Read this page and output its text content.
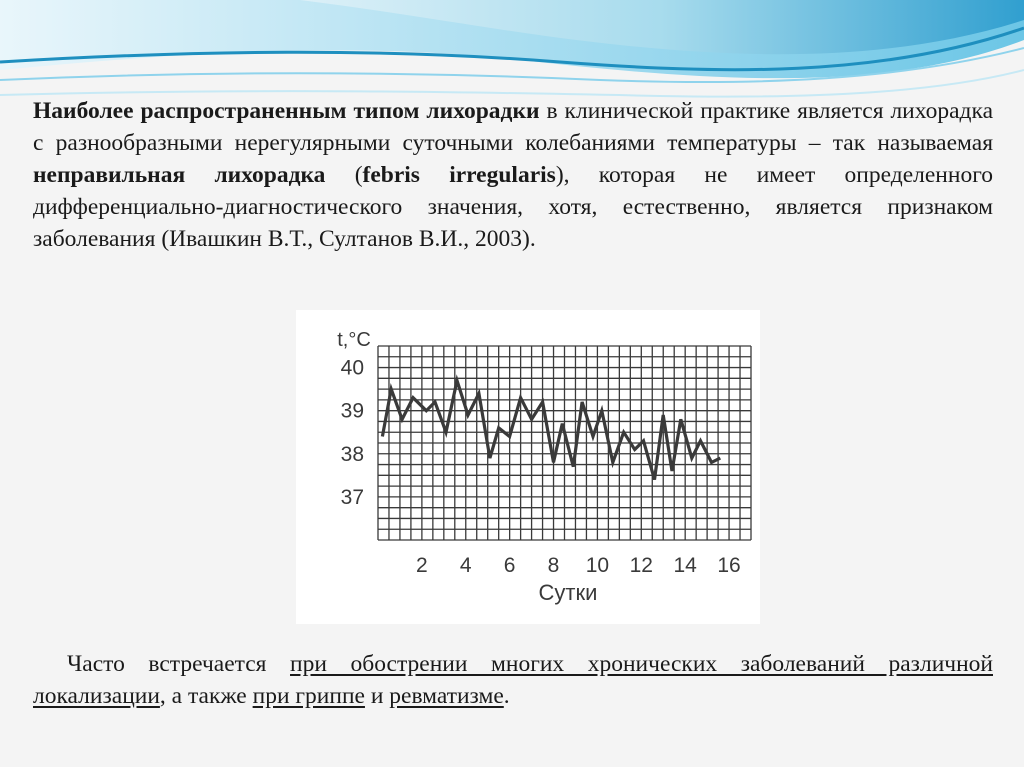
Наиболее распространенным типом лихорадки в клинической практике является лихорадка с разнообразными нерегулярными суточными колебаниями температуры – так называемая неправильная лихорадка (febris irregularis), которая не имеет определенного дифференциально-диагностического значения, хотя, естественно, является признаком заболевания (Ивашкин В.Т., Султанов В.И., 2003).
t,°C
Сутки
40
39
38
37
2 4 6 8 10 12 14 16
Часто встречается при обострении многих хронических заболеваний различной локализации, а также при гриппе и ревматизме.
